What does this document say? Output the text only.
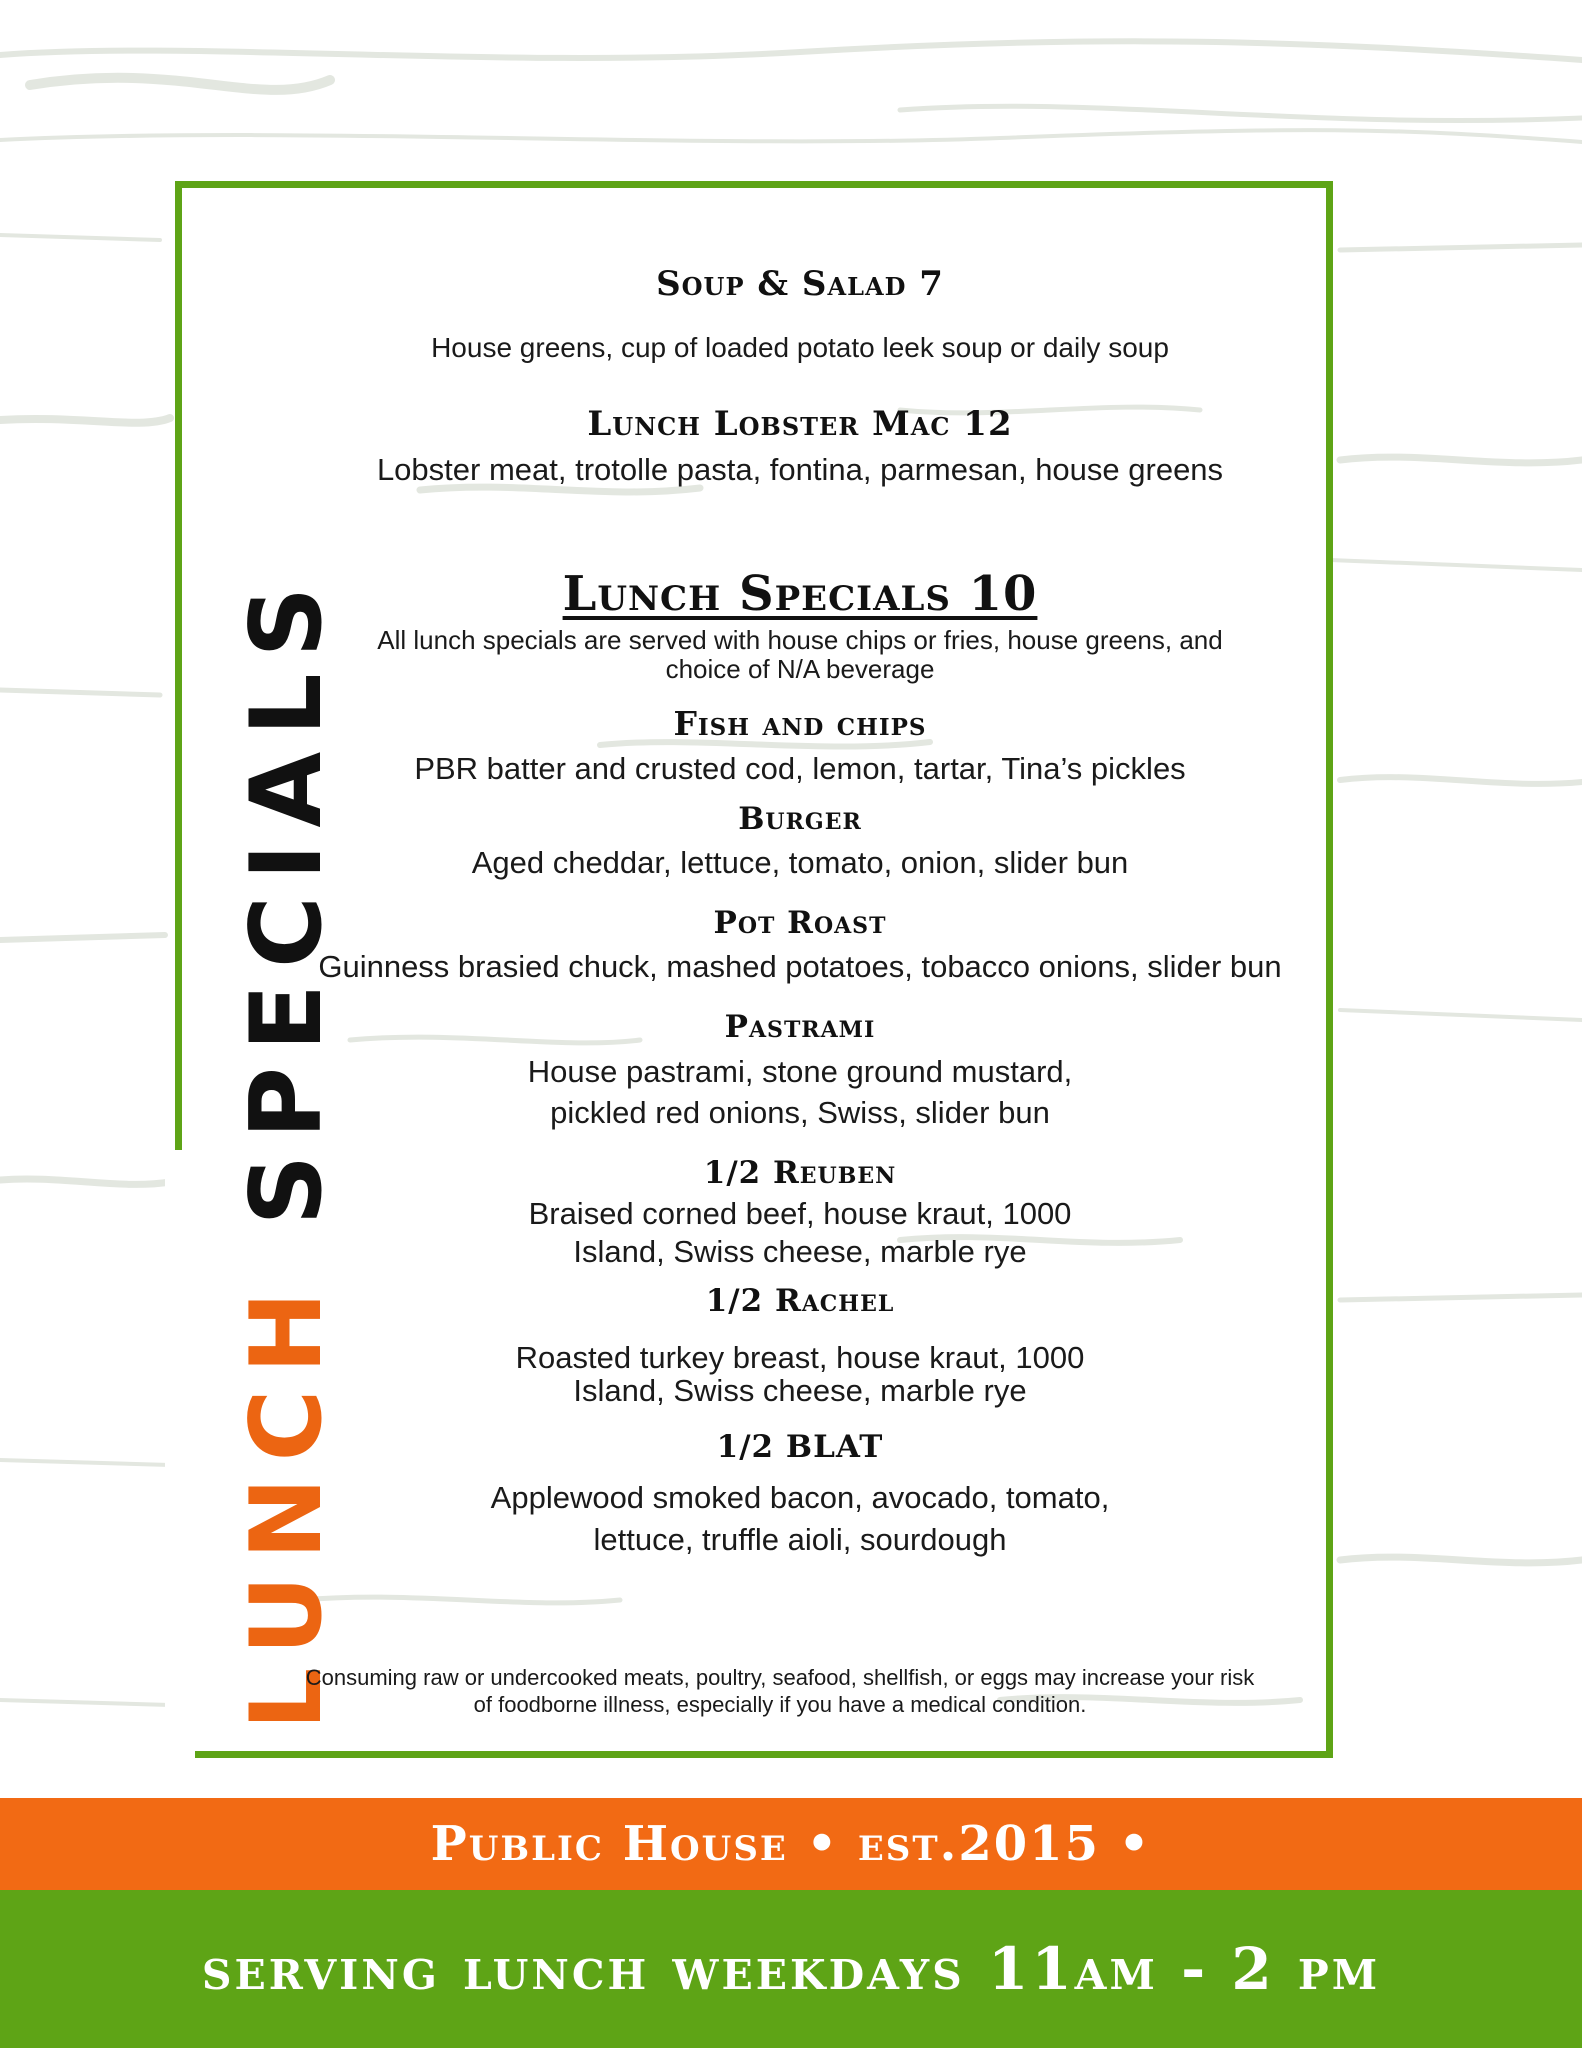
LUNCH SPECIALS
Soup & Salad 7
House greens, cup of loaded potato leek soup or daily soup
Lunch Lobster Mac 12
Lobster meat, trotolle pasta, fontina, parmesan, house greens
Lunch Specials 10
All lunch specials are served with house chips or fries, house greens, and choice of N/A beverage
Fish and chips
PBR batter and crusted cod, lemon, tartar, Tina’s pickles
Burger
Aged cheddar, lettuce, tomato, onion, slider bun
Pot Roast
Guinness brasied chuck, mashed potatoes, tobacco onions, slider bun
Pastrami
House pastrami, stone ground mustard, pickled red onions, Swiss, slider bun
1/2 Reuben
Braised corned beef, house kraut, 1000 Island, Swiss cheese, marble rye
1/2 Rachel
Roasted turkey breast, house kraut, 1000 Island, Swiss cheese, marble rye
1/2 BLAT
Applewood smoked bacon, avocado, tomato, lettuce, truffle aioli, sourdough
Consuming raw or undercooked meats, poultry, seafood, shellfish, or eggs may increase your risk of foodborne illness, especially if you have a medical condition.
Public House • est.2015 •
serving lunch weekdays 11am - 2 pm
